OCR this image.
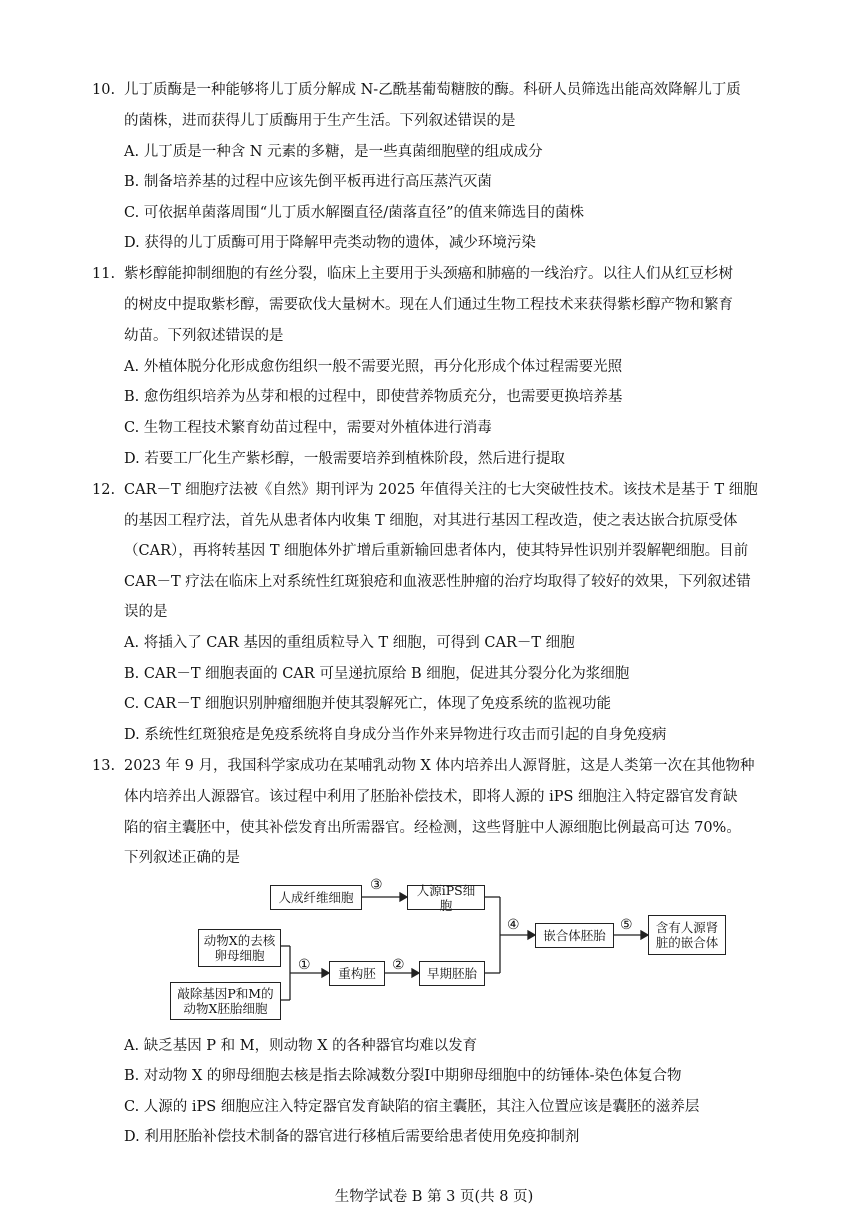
10. 儿丁质酶是一种能够将儿丁质分解成 N-乙酰基葡萄糖胺的酶。科研人员筛选出能高效降解儿丁质
的菌株，进而获得儿丁质酶用于生产生活。下列叙述错误的是
A. 儿丁质是一种含 N 元素的多糖，是一些真菌细胞壁的组成成分
B. 制备培养基的过程中应该先倒平板再进行高压蒸汽灭菌
C. 可依据单菌落周围“儿丁质水解圈直径/菌落直径”的值来筛选目的菌株
D. 获得的儿丁质酶可用于降解甲壳类动物的遗体，减少环境污染
11. 紫杉醇能抑制细胞的有丝分裂，临床上主要用于头颈癌和肺癌的一线治疗。以往人们从红豆杉树
的树皮中提取紫杉醇，需要砍伐大量树木。现在人们通过生物工程技术来获得紫杉醇产物和繁育
幼苗。下列叙述错误的是
A. 外植体脱分化形成愈伤组织一般不需要光照，再分化形成个体过程需要光照
B. 愈伤组织培养为丛芽和根的过程中，即使营养物质充分，也需要更换培养基
C. 生物工程技术繁育幼苗过程中，需要对外植体进行消毒
D. 若要工厂化生产紫杉醇，一般需要培养到植株阶段，然后进行提取
12. CAR－T 细胞疗法被《自然》期刊评为 2025 年值得关注的七大突破性技术。该技术是基于 T 细胞
的基因工程疗法，首先从患者体内收集 T 细胞，对其进行基因工程改造，使之表达嵌合抗原受体
（CAR），再将转基因 T 细胞体外扩增后重新输回患者体内，使其特异性识别并裂解靶细胞。目前
CAR－T 疗法在临床上对系统性红斑狼疮和血液恶性肿瘤的治疗均取得了较好的效果，下列叙述错
误的是
A. 将插入了 CAR 基因的重组质粒导入 T 细胞，可得到 CAR－T 细胞
B. CAR－T 细胞表面的 CAR 可呈递抗原给 B 细胞，促进其分裂分化为浆细胞
C. CAR－T 细胞识别肿瘤细胞并使其裂解死亡，体现了免疫系统的监视功能
D. 系统性红斑狼疮是免疫系统将自身成分当作外来异物进行攻击而引起的自身免疫病
13. 2023 年 9 月，我国科学家成功在某哺乳动物 X 体内培养出人源肾脏，这是人类第一次在其他物种
体内培养出人源器官。该过程中利用了胚胎补偿技术，即将人源的 iPS 细胞注入特定器官发育缺
陷的宿主囊胚中，使其补偿发育出所需器官。经检测，这些肾脏中人源细胞比例最高可达 70%。
下列叙述正确的是
人成纤维细胞	人源iPS细胞
动物X的去核卵母细胞
敲除基因P和M的动物X胚胎细胞
重构胚	早期胚胎
嵌合体胚胎
含有人源肾脏的嵌合体
③
①	②
④	⑤
A. 缺乏基因 P 和 M，则动物 X 的各种器官均难以发育
B. 对动物 X 的卵母细胞去核是指去除减数分裂Ⅰ中期卵母细胞中的纺锤体-染色体复合物
C. 人源的 iPS 细胞应注入特定器官发育缺陷的宿主囊胚，其注入位置应该是囊胚的滋养层
D. 利用胚胎补偿技术制备的器官进行移植后需要给患者使用免疫抑制剂
生物学试卷 B 第 3 页(共 8 页)
